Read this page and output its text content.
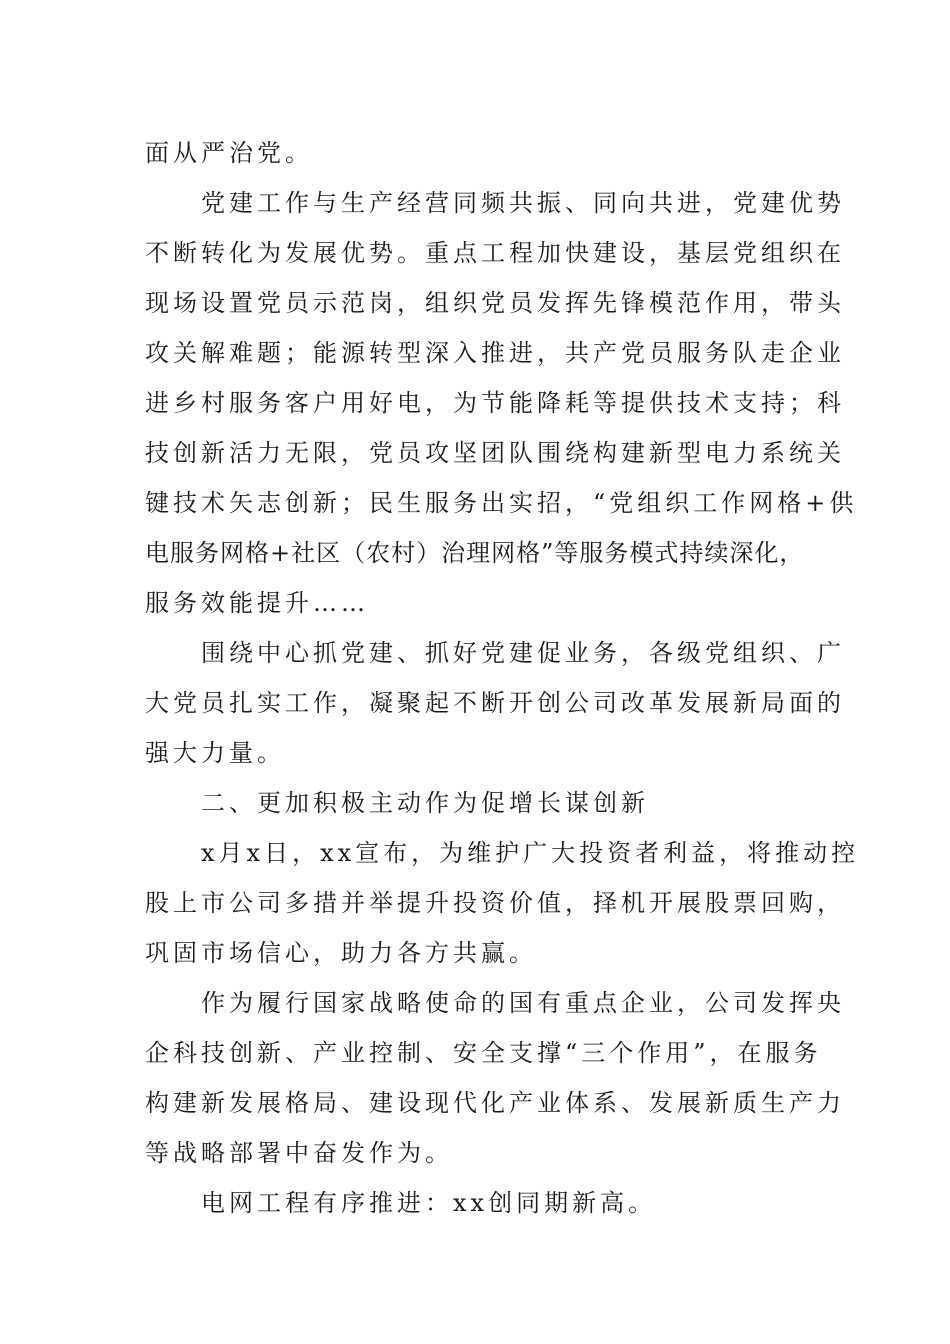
面从严治党。

党建工作与生产经营同频共振、同向共进，党建优势
不断转化为发展优势。重点工程加快建设，基层党组织在
现场设置党员示范岗，组织党员发挥先锋模范作用，带头
攻关解难题；能源转型深入推进，共产党员服务队走企业
进乡村服务客户用好电，为节能降耗等提供技术支持；科
技创新活力无限，党员攻坚团队围绕构建新型电力系统关
键技术矢志创新；民生服务出实招，“党组织工作网格+供
电服务网格+社区（农村）治理网格”等服务模式持续深化，
服务效能提升……

围绕中心抓党建、抓好党建促业务，各级党组织、广
大党员扎实工作，凝聚起不断开创公司改革发展新局面的
强大力量。

二、更加积极主动作为促增长谋创新

x月x日，xx宣布，为维护广大投资者利益，将推动控
股上市公司多措并举提升投资价值，择机开展股票回购，
巩固市场信心，助力各方共赢。

作为履行国家战略使命的国有重点企业，公司发挥央
企科技创新、产业控制、安全支撑“三个作用”，在服务
构建新发展格局、建设现代化产业体系、发展新质生产力
等战略部署中奋发作为。

电网工程有序推进：xx创同期新高。
